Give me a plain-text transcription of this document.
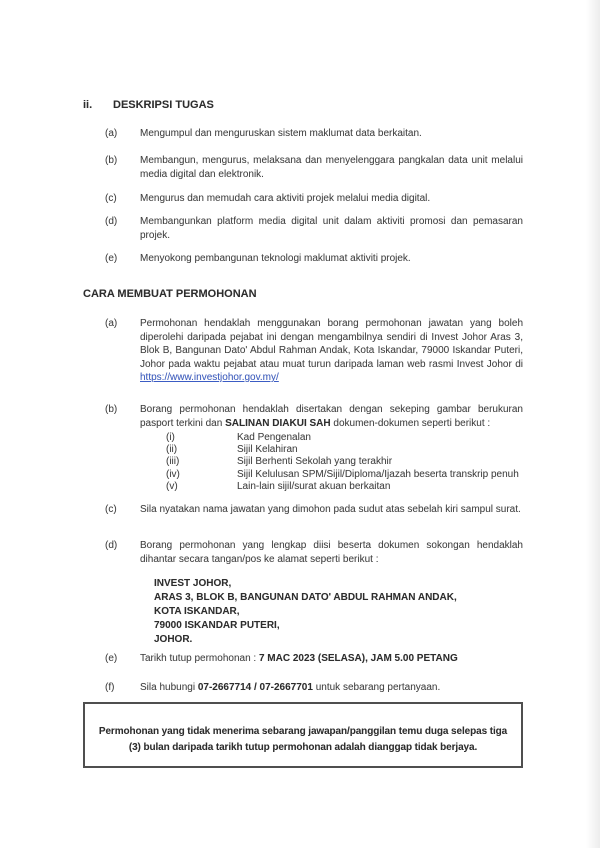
ii. DESKRIPSI TUGAS
(a) Mengumpul dan menguruskan sistem maklumat data berkaitan.
(b) Membangun, mengurus, melaksana dan menyelenggara pangkalan data unit melalui media digital dan elektronik.
(c) Mengurus dan memudah cara aktiviti projek melalui media digital.
(d) Membangunkan platform media digital unit dalam aktiviti promosi dan pemasaran projek.
(e) Menyokong pembangunan teknologi maklumat aktiviti projek.
CARA MEMBUAT PERMOHONAN
(a) Permohonan hendaklah menggunakan borang permohonan jawatan yang boleh diperolehi daripada pejabat ini dengan mengambilnya sendiri di Invest Johor Aras 3, Blok B, Bangunan Dato' Abdul Rahman Andak, Kota Iskandar, 79000 Iskandar Puteri, Johor pada waktu pejabat atau muat turun daripada laman web rasmi Invest Johor di https://www.investjohor.gov.my/
(b) Borang permohonan hendaklah disertakan dengan sekeping gambar berukuran pasport terkini dan SALINAN DIAKUI SAH dokumen-dokumen seperti berikut :
(i)	Kad Pengenalan
(ii)	Sijil Kelahiran
(iii)	Sijil Berhenti Sekolah yang terakhir
(iv)	Sijil Kelulusan SPM/Sijil/Diploma/Ijazah beserta transkrip penuh
(v)	Lain-lain sijil/surat akuan berkaitan
(c) Sila nyatakan nama jawatan yang dimohon pada sudut atas sebelah kiri sampul surat.
(d) Borang permohonan yang lengkap diisi beserta dokumen sokongan hendaklah dihantar secara tangan/pos ke alamat seperti berikut :
INVEST JOHOR,
ARAS 3, BLOK B, BANGUNAN DATO' ABDUL RAHMAN ANDAK,
KOTA ISKANDAR,
79000 ISKANDAR PUTERI,
JOHOR.
(e) Tarikh tutup permohonan : 7 MAC 2023 (SELASA), JAM 5.00 PETANG
(f)	Sila hubungi 07-2667714 / 07-2667701 untuk sebarang pertanyaan.
Permohonan yang tidak menerima sebarang jawapan/panggilan temu duga selepas tiga (3) bulan daripada tarikh tutup permohonan adalah dianggap tidak berjaya.
